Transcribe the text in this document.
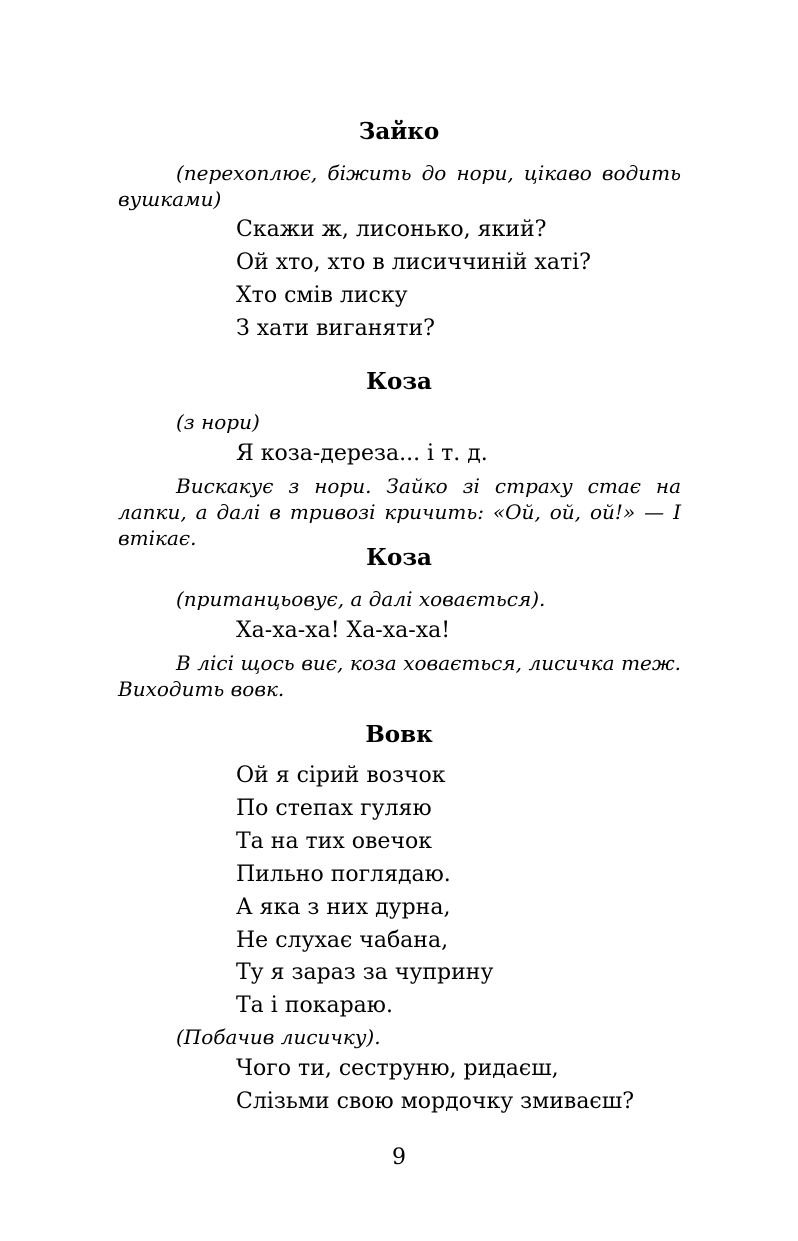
Зайко
(перехоплює, біжить до нори, цікаво водить вушками)
Скажи ж, лисонько, який?
Ой хто, хто в лисиччиній хаті?
Хто смів лиску
З хати виганяти?
Коза
(з нори)
Я коза-дереза... і т. д.
Вискакує з нори. Зайко зі страху стає на лапки, а далі в тривозі кричить: «Ой, ой, ой!» — І втікає.
Коза
(пританцьовує, а далі ховається).
Ха-ха-ха! Ха-ха-ха!
В лісі щось виє, коза ховається, лисичка теж. Виходить вовк.
Вовк
Ой я сірий возчок
По степах гуляю
Та на тих овечок
Пильно поглядаю.
А яка з них дурна,
Не слухає чабана,
Ту я зараз за чуприну
Та і покараю.
(Побачив лисичку).
Чого ти, сеструню, ридаєш,
Слізьми свою мордочку змиваєш?
9
